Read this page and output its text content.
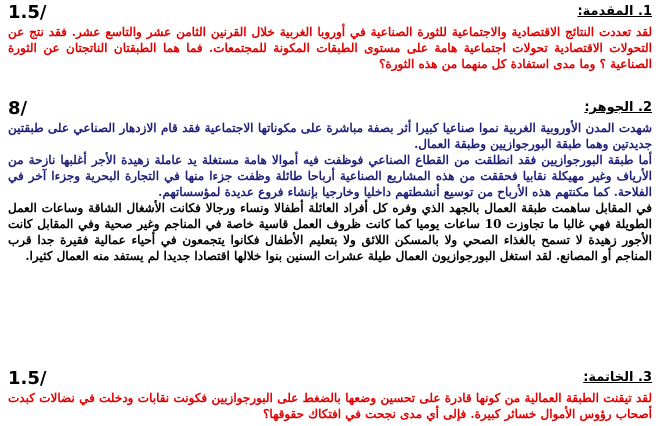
1. المقدمة:
1.5/

لقد تعددت النتائج الاقتصادية والاجتماعية للثورة الصناعية في أوروبا الغربية خلال القرنين الثامن عشر والتاسع عشر. فقد نتج عن التحولات الاقتصادية تحولات اجتماعية هامة على مستوى الطبقات المكونة للمجتمعات. فما هما الطبقتان الناتجتان عن الثورة الصناعية ؟ وما مدى استفادة كل منهما من هذه الثورة؟

2. الجوهر:
8/

شهدت المدن الأوروبية الغربية نموا صناعيا كبيرا أثر بصفة مباشرة على مكوناتها الاجتماعية فقد قام الازدهار الصناعي على طبقتين جديدتين وهما طبقة البورجوازيين وطبقة العمال.

أما طبقة البورجوازيين فقد انطلقت من القطاع الصناعي فوظفت فيه أموالا هامة مستغلة يد عاملة زهيدة الأجر أغلبها نازحة من الأرياف وغير مهيكلة نقابيا فحققت من هذه المشاريع الصناعية أرباحا طائلة وظفت جزءا منها في التجارة البحرية وجزءا آخر في الفلاحة. كما مكنتهم هذه الأرباح من توسيع أنشطتهم داخليا وخارجيا بإنشاء فروع عديدة لمؤسساتهم.

في المقابل ساهمت طبقة العمال بالجهد الذي وفره كل أفراد العائلة أطفالا ونساء ورجالا فكانت الأشغال الشاقة وساعات العمل الطويلة فهي غالبا ما تجاوزت 10 ساعات يوميا كما كانت ظروف العمل قاسية خاصة في المناجم وغير صحية وفي المقابل كانت الأجور زهيدة لا تسمح بالغذاء الصحي ولا بالمسكن اللائق ولا بتعليم الأطفال فكانوا يتجمعون في أحياء عمالية فقيرة جدا قرب المناجم أو المصانع. لقد استغل البورجوازيون العمال طيلة عشرات السنين بنوا خلالها اقتصادا جديدا لم يستفد منه العمال كثيرا.

3. الخاتمة:
1.5/

لقد تيقنت الطبقة العمالية من كونها قادرة على تحسين وضعها بالضغط على البورجوازيين فكونت نقابات ودخلت في نضالات كبدت أصحاب رؤوس الأموال خسائر كبيرة. فإلى أي مدى نجحت في افتكاك حقوقها؟
